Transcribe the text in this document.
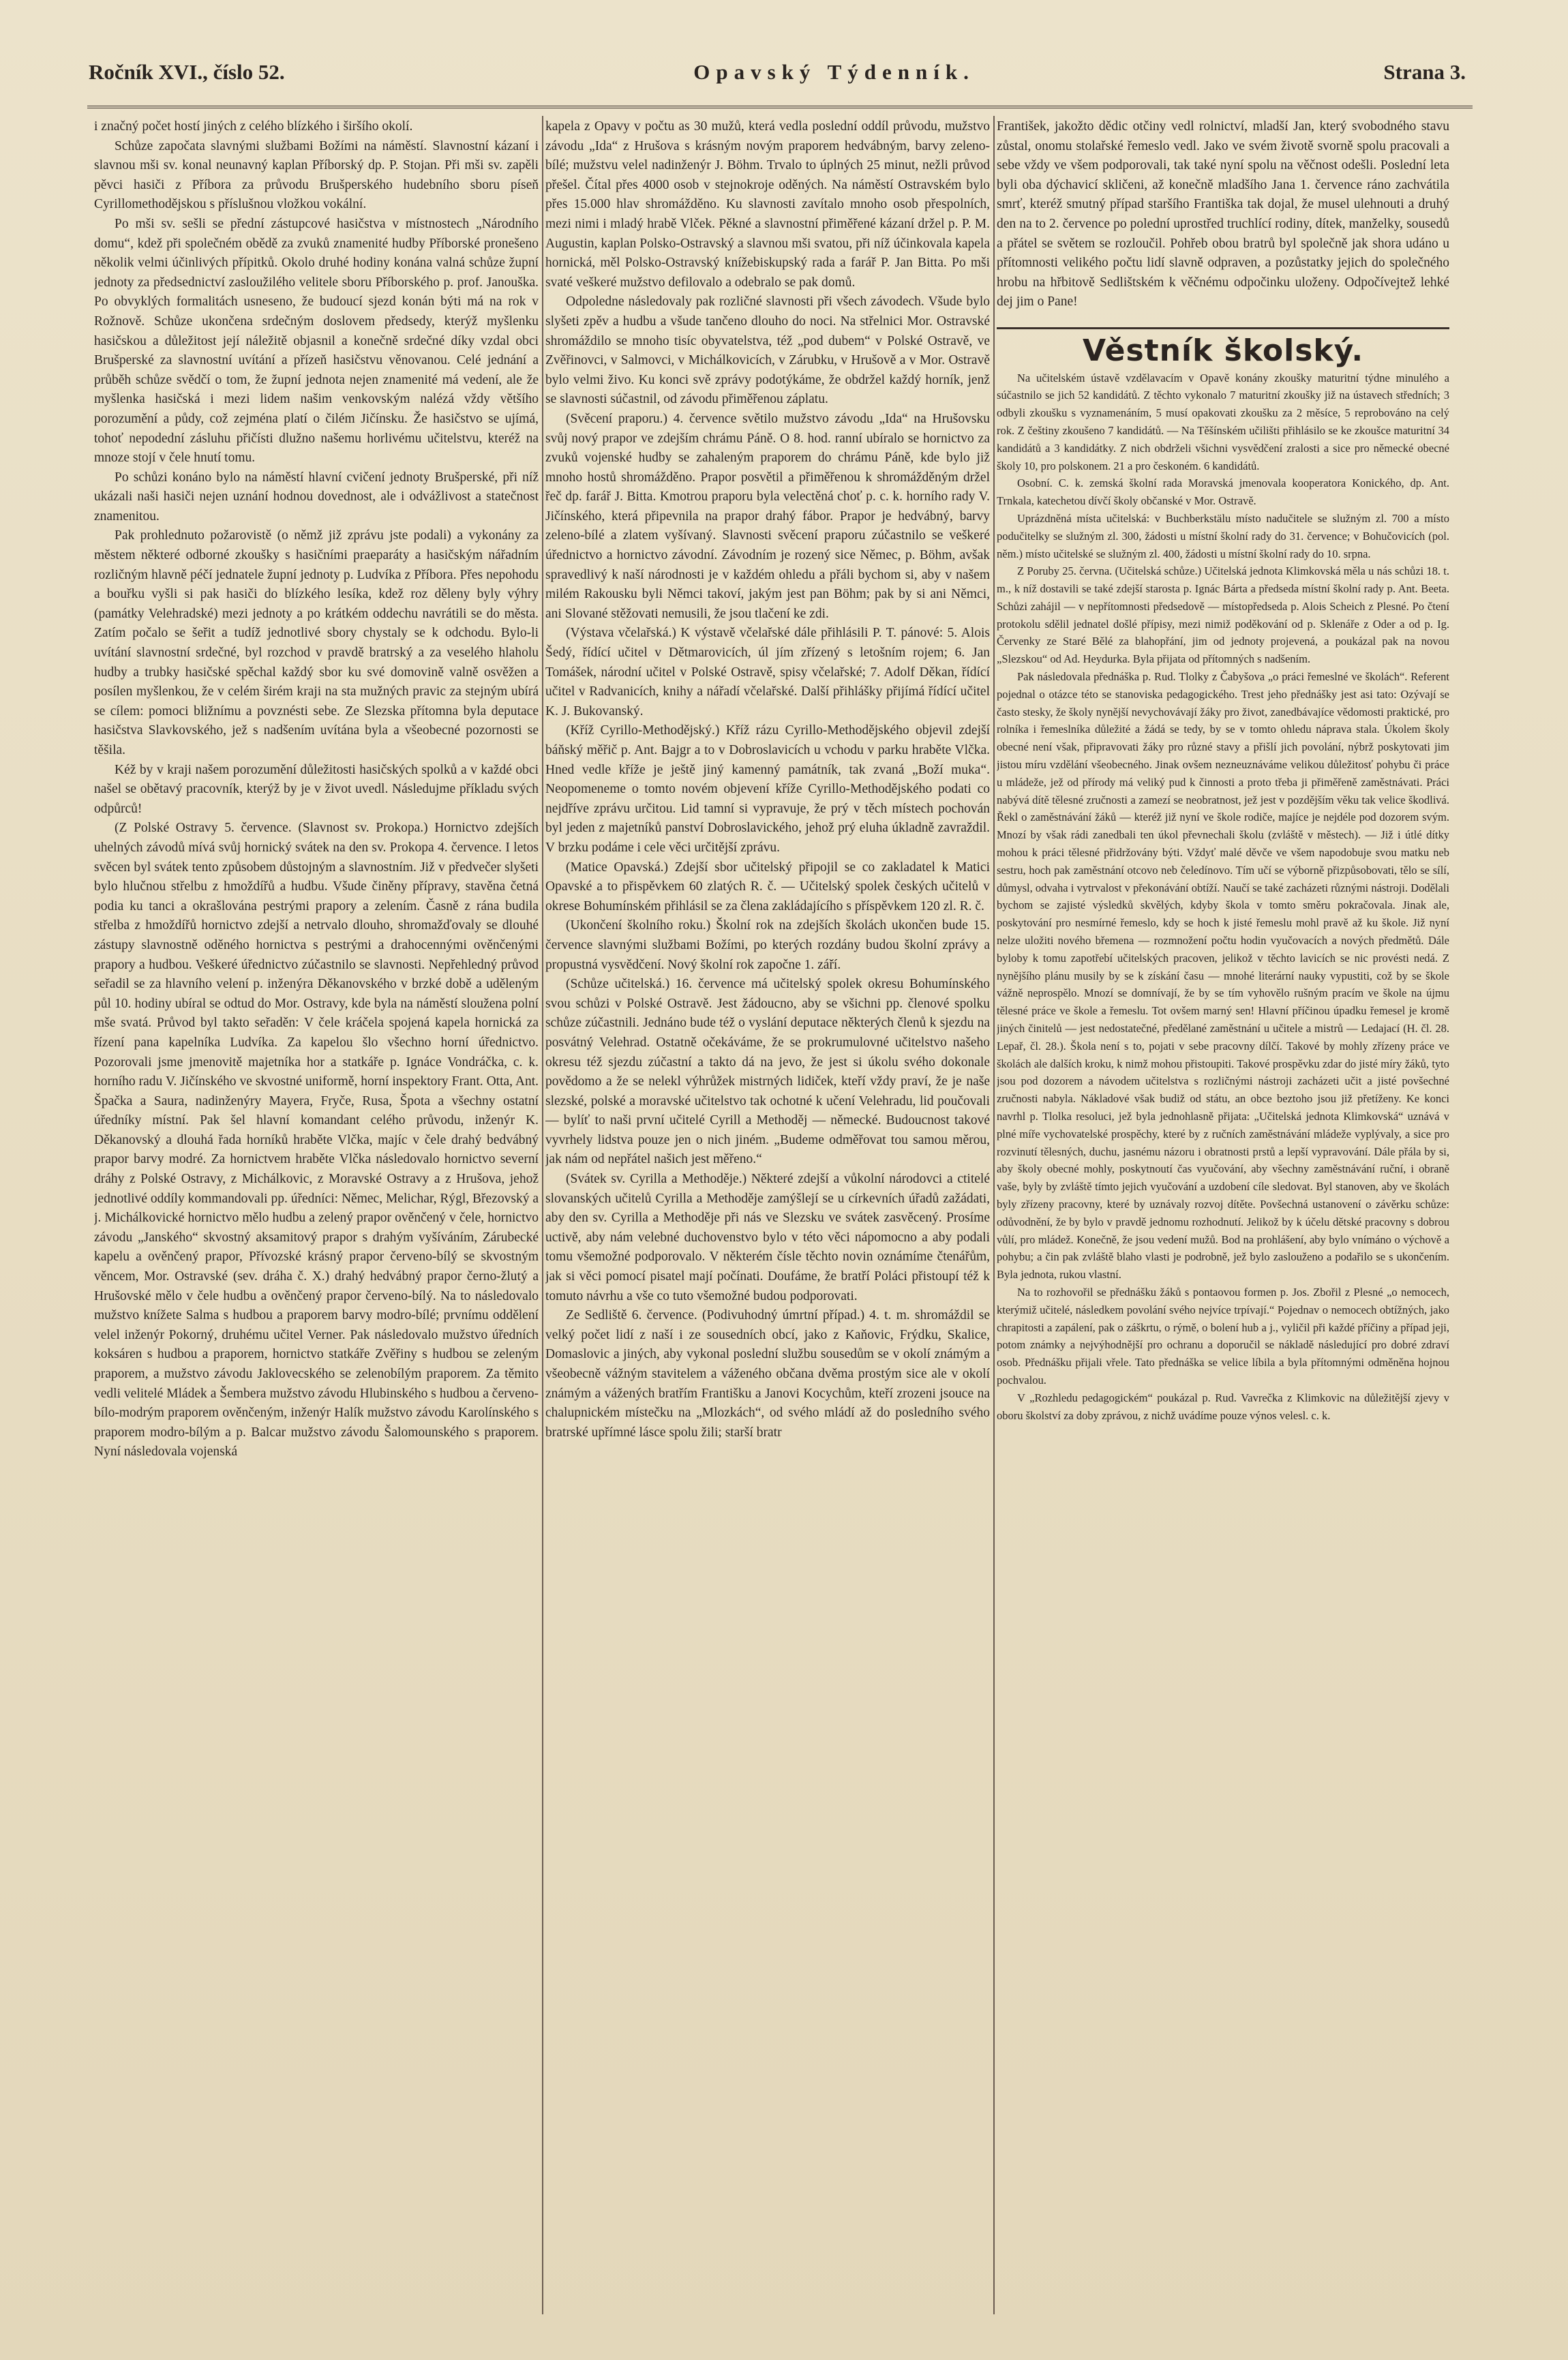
Ročník XVI., číslo 52.	Opavský Týdenník.	Strana 3.

i značný počet hostí jiných z celého blízkého i širšího okolí.

Schůze započata slavnými službami Božími na náměstí. Slavnostní kázaní i slavnou mši sv. konal neunavný kaplan Příborský dp. P. Stojan. Při mši sv. zapěli pěvci hasiči z Příbora za průvodu Brušperského hudebního sboru píseň Cyrillomethodějskou s příslušnou vložkou vokální.

Po mši sv. sešli se přední zástupcové hasičstva v místnostech „Národního domu“, kdež při společném obědě za zvuků znamenité hudby Příborské pronešeno několik velmi účinlivých přípitků. Okolo druhé hodiny konána valná schůze župní jednoty za předsednictví zasloužilého velitele sboru Příborského p. prof. Janouška. Po obvyklých formalitách usneseno, že budoucí sjezd konán býti má na rok v Rožnově. Schůze ukončena srdečným doslovem předsedy, kterýž myšlenku hasičskou a důležitost její náležitě objasnil a konečně srdečné díky vzdal obci Brušperské za slavnostní uvítání a přízeň hasičstvu věnovanou. Celé jednání a průběh schůze svědčí o tom, že župní jednota nejen znamenité má vedení, ale že myšlenka hasičská i mezi lidem našim venkovským nalézá vždy většího porozumění a půdy, což zejména platí o čilém Jičínsku. Že hasičstvo se ujímá, tohoť nepodední zásluhu přičísti dlužno našemu horlivému učitelstvu, kteréž na mnoze stojí v čele hnutí tomu.

Po schůzi konáno bylo na náměstí hlavní cvičení jednoty Brušperské, při níž ukázali naši hasiči nejen uznání hodnou dovednost, ale i odvážlivost a statečnost znamenitou.

Pak prohlednuto požarovistě (o němž již zprávu jste podali) a vykonány za městem některé odborné zkoušky s hasičními praeparáty a hasičským nářadním rozličným hlavně péčí jednatele župní jednoty p. Ludvíka z Příbora. Přes nepohodu a bouřku vyšli si pak hasiči do blízkého lesíka, kdež roz děleny byly výhry (památky Velehradské) mezi jednoty a po krátkém oddechu navrátili se do města. Zatím počalo se šeřit a tudíž jednotlivé sbory chystaly se k odchodu. Bylo-li uvítání slavnostní srdečné, byl rozchod v pravdě bratrský a za veselého hlaholu hudby a trubky hasičské spěchal každý sbor ku své domovině valně osvěžen a posílen myšlenkou, že v celém širém kraji na sta mužných pravic za stejným ubírá se cílem: pomoci bližnímu a povznésti sebe. Ze Slezska přítomna byla deputace hasičstva Slavkovského, jež s nadšením uvítána byla a všeobecné pozornosti se těšila.

Kéž by v kraji našem porozumění důležitosti hasičských spolků a v každé obci našel se obětavý pracovník, kterýž by je v život uvedl. Následujme příkladu svých odpůrců!

(Z Polské Ostravy 5. července. (Slavnost sv. Prokopa.) Hornictvo zdejších uhelných závodů mívá svůj hornický svátek na den sv. Prokopa 4. července. I letos svěcen byl svátek tento způsobem důstojným a slavnostním. Již v předvečer slyšeti bylo hlučnou střelbu z hmoždířů a hudbu. Všude činěny přípravy, stavěna četná podia ku tanci a okrašlována pestrými prapory a zelením. Časně z rána budila střelba z hmoždířů hornictvo zdejší a netrvalo dlouho, shromažďovaly se dlouhé zástupy slavnostně oděného hornictva s pestrými a drahocennými ověnčenými prapory a hudbou. Veškeré úřednictvo zúčastnilo se slavnosti. Nepřehledný průvod seřadil se za hlavního velení p. inženýra Děkanovského v brzké době a uděleným půl 10. hodiny ubíral se odtud do Mor. Ostravy, kde byla na náměstí sloužena polní mše svatá. Průvod byl takto seřaděn: V čele kráčela spojená kapela hornická za řízení pana kapelníka Ludvíka. Za kapelou šlo všechno horní úřednictvo. Pozorovali jsme jmenovitě majetníka hor a statkáře p. Ignáce Vondráčka, c. k. horního radu V. Jičínského ve skvostné uniformě, horní inspektory Frant. Otta, Ant. Špačka a Saura, nadinženýry Mayera, Fryče, Rusa, Špota a všechny ostatní úředníky místní. Pak šel hlavní komandant celého průvodu, inženýr K. Děkanovský a dlouhá řada horníků hraběte Vlčka, majíc v čele drahý bedvábný prapor barvy modré. Za hornictvem hraběte Vlčka následovalo hornictvo severní dráhy z Polské Ostravy, z Michálkovic, z Moravské Ostravy a z Hrušova, jehož jednotlivé oddíly kommandovali pp. úředníci: Němec, Melichar, Rýgl, Březovský a j. Michálkovické hornictvo mělo hudbu a zelený prapor ověnčený v čele, hornictvo závodu „Janského“ skvostný aksamitový prapor s drahým vyšíváním, Zárubecké kapelu a ověnčený prapor, Přívozské krásný prapor červeno-bílý se skvostným věncem, Mor. Ostravské (sev. dráha č. X.) drahý hedvábný prapor černo-žlutý a Hrušovské mělo v čele hudbu a ověnčený prapor červeno-bílý. Na to následovalo mužstvo knížete Salma s hudbou a praporem barvy modro-bílé; prvnímu oddělení velel inženýr Pokorný, druhému učitel Verner. Pak následovalo mužstvo úředních koksáren s hudbou a praporem, hornictvo statkáře Zvěřiny s hudbou se zeleným praporem, a mužstvo závodu Jaklovecského se zelenobílým praporem. Za těmito vedli velitelé Mládek a Šembera mužstvo závodu Hlubinského s hudbou a červeno-bílo-modrým praporem ověnčeným, inženýr Halík mužstvo závodu Karolínského s praporem modro-bílým a p. Balcar mužstvo závodu Šalomounského s praporem. Nyní následovala vojenská

kapela z Opavy v počtu as 30 mužů, která vedla poslední oddíl průvodu, mužstvo závodu „Ida“ z Hrušova s krásným novým praporem hedvábným, barvy zeleno-bílé; mužstvu velel nadinženýr J. Böhm. Trvalo to úplných 25 minut, nežli průvod přešel. Čítal přes 4000 osob v stejnokroje oděných. Na náměstí Ostravském bylo přes 15.000 hlav shromážděno. Ku slavnosti zavítalo mnoho osob přespolních, mezi nimi i mladý hrabě Vlček. Pěkné a slavnostní přiměřené kázaní držel p. P. M. Augustin, kaplan Polsko-Ostravský a slavnou mši svatou, při níž účinkovala kapela hornická, měl Polsko-Ostravský knížebiskupský rada a farář P. Jan Bitta. Po mši svaté veškeré mužstvo defilovalo a odebralo se pak domů.

Odpoledne následovaly pak rozličné slavnosti při všech závodech. Všude bylo slyšeti zpěv a hudbu a všude tančeno dlouho do noci. Na střelnici Mor. Ostravské shromáždilo se mnoho tisíc obyvatelstva, též „pod dubem“ v Polské Ostravě, ve Zvěřinovci, v Salmovci, v Michálkovicích, v Zárubku, v Hrušově a v Mor. Ostravě bylo velmi živo. Ku konci svě zprávy podotýkáme, že obdržel každý horník, jenž se slavnosti súčastnil, od závodu přiměřenou záplatu.

(Svěcení praporu.) 4. července světilo mužstvo závodu „Ida“ na Hrušovsku svůj nový prapor ve zdejším chrámu Páně. O 8. hod. ranní ubíralo se hornictvo za zvuků vojenské hudby se zahaleným praporem do chrámu Páně, kde bylo již mnoho hostů shromážděno. Prapor posvětil a přiměřenou k shromážděným držel řeč dp. farář J. Bitta. Kmotrou praporu byla velectěná choť p. c. k. horního rady V. Jičínského, která připevnila na prapor drahý fábor. Prapor je hedvábný, barvy zeleno-bílé a zlatem vyšívaný. Slavnosti svěcení praporu zúčastnilo se veškeré úřednictvo a hornictvo závodní. Závodním je rozený sice Němec, p. Böhm, avšak spravedlivý k naší národnosti je v každém ohledu a přáli bychom si, aby v našem milém Rakousku byli Němci takoví, jakým jest pan Böhm; pak by si ani Němci, ani Slované stěžovati nemusili, že jsou tlačení ke zdi.

(Výstava včelařská.) K výstavě včelařské dále přihlásili P. T. pánové: 5. Alois Šedý, řídící učitel v Dětmarovicích, úl jím zřízený s letošním rojem; 6. Jan Tomášek, národní učitel v Polské Ostravě, spisy včelařské; 7. Adolf Děkan, řídící učitel v Radvanicích, knihy a nářadí včelařské. Další přihlášky přijímá řídící učitel K. J. Bukovanský.

(Kříž Cyrillo-Methodějský.) Kříž rázu Cyrillo-Methodějského objevil zdejší báňský měřič p. Ant. Bajgr a to v Dobroslavicích u vchodu v parku hraběte Vlčka. Hned vedle kříže je ještě jiný kamenný památník, tak zvaná „Boží muka“. Neopomeneme o tomto novém objevení kříže Cyrillo-Methodějského podati co nejdříve zprávu určitou. Lid tamní si vypravuje, že prý v těch místech pochován byl jeden z majetníků panství Dobroslavického, jehož prý eluha úkladně zavraždil. V brzku podáme i cele věci určitější zprávu.

(Matice Opavská.) Zdejší sbor učitelský připojil se co zakladatel k Matici Opavské a to přispěvkem 60 zlatých R. č. — Učitelský spolek českých učitelů v okrese Bohumínském přihlásil se za člena zakládajícího s příspěvkem 120 zl. R. č.

(Ukončení školního roku.) Školní rok na zdejších školách ukončen bude 15. července slavnými službami Božími, po kterých rozdány budou školní zprávy a propustná vysvědčení. Nový školní rok započne 1. září.

(Schůze učitelská.) 16. července má učitelský spolek okresu Bohumínského svou schůzi v Polské Ostravě. Jest žádoucno, aby se všichni pp. členové spolku schůze zúčastnili. Jednáno bude též o vyslání deputace některých členů k sjezdu na posvátný Velehrad. Ostatně očekáváme, že se prokrumulovné učitelstvo našeho okresu též sjezdu zúčastní a takto dá na jevo, že jest si úkolu svého dokonale povědomo a že se nelekl výhrůžek mistrných lidiček, kteří vždy praví, že je naše slezské, polské a moravské učitelstvo tak ochotné k učení Velehradu, lid poučovali — bylíť to naši první učitelé Cyrill a Methoděj — německé. Budoucnost takové vyvrhely lidstva pouze jen o nich jiném. „Budeme odměřovat tou samou měrou, jak nám od nepřátel našich jest měřeno.“

(Svátek sv. Cyrilla a Methoděje.) Některé zdejší a vůkolní národovci a ctitelé slovanských učitelů Cyrilla a Methoděje zamýšlejí se u církevních úřadů zažádati, aby den sv. Cyrilla a Methoděje při nás ve Slezsku ve svátek zasvěcený. Prosíme uctivě, aby nám velebné duchovenstvo bylo v této věci nápomocno a aby podali tomu všemožné podporovalo. V některém čísle těchto novin oznámíme čtenářům, jak si věci pomocí pisatel mají počínati. Doufáme, že bratří Poláci přistoupí též k tomuto návrhu a vše co tuto všemožné budou podporovati.

Ze Sedliště 6. července. (Podivuhodný úmrtní případ.) 4. t. m. shromáždil se velký počet lidí z naší i ze sousedních obcí, jako z Kaňovic, Frýdku, Skalice, Domaslovic a jiných, aby vykonal poslední službu sousedům se v okolí známým a všeobecně vážným stavitelem a váženého občana dvěma prostým sice ale v okolí známým a vážených bratřím Františku a Janovi Kocychům, kteří zrozeni jsouce na chalupnickém místečku na „Mlozkách“, od svého mládí až do posledního svého bratrské upřímné lásce spolu žili; starší bratr

František, jakožto dědic otčiny vedl rolnictví, mladší Jan, který svobodného stavu zůstal, onomu stolařské řemeslo vedl. Jako ve svém životě svorně spolu pracovali a sebe vždy ve všem podporovali, tak také nyní spolu na věčnost odešli. Poslední leta byli oba dýchavicí skličeni, až konečně mladšího Jana 1. července ráno zachvátila smrť, kteréž smutný případ staršího Františka tak dojal, že musel ulehnouti a druhý den na to 2. července po polední uprostřed truchlící rodiny, dítek, manželky, sousedů a přátel se světem se rozloučil. Pohřeb obou bratrů byl společně jak shora udáno u přítomnosti velikého počtu lidí slavně odpraven, a pozůstatky jejich do společného hrobu na hřbitově Sedlištském k věčnému odpočinku uloženy. Odpočívejtež lehké dej jim o Pane!

Věstník školský.

Na učitelském ústavě vzdělavacím v Opavě konány zkoušky maturitní týdne minulého a súčastnilo se jich 52 kandidátů. Z těchto vykonalo 7 maturitní zkoušky již na ústavech středních; 3 odbyli zkoušku s vyznamenáním, 5 musí opakovati zkoušku za 2 měsíce, 5 reprobováno na celý rok. Z češtiny zkoušeno 7 kandidátů. — Na Těšínském učilišti přihlásilo se ke zkoušce maturitní 34 kandidátů a 3 kandidátky. Z nich obdrželi všichni vysvědčení zralosti a sice pro německé obecné školy 10, pro polskonem. 21 a pro českoném. 6 kandidátů.

Osobní. C. k. zemská školní rada Moravská jmenovala kooperatora Konického, dp. Ant. Trnkala, katechetou dívčí školy občanské v Mor. Ostravě.

Uprázdněná místa učitelská: v Buchberkstälu místo nadučitele se služným zl. 700 a místo podučitelky se služným zl. 300, žádosti u místní školní rady do 31. července; v Bohučovicích (pol. něm.) místo učitelské se služným zl. 400, žádosti u místní školní rady do 10. srpna.

Z Poruby 25. června. (Učitelská schůze.) Učitelská jednota Klimkovská měla u nás schůzi 18. t. m., k níž dostavili se také zdejší starosta p. Ignác Bárta a předseda místní školní rady p. Ant. Beeta. Schůzi zahájil — v nepřítomnosti předsedově — místopředseda p. Alois Scheich z Plesné. Po čtení protokolu sdělil jednatel došlé přípisy, mezi nimiž poděkování od p. Sklenáře z Oder a od p. Ig. Červenky ze Staré Bělé za blahopřání, jim od jednoty projevená, a poukázal pak na novou „Slezskou“ od Ad. Heydurka. Byla přijata od přítomných s nadšením.

Pak následovala přednáška p. Rud. Tlolky z Čabyšova „o práci řemeslné ve školách“. Referent pojednal o otázce této se stanoviska pedagogického. Trest jeho přednášky jest asi tato: Ozývají se často stesky, že školy nynější nevychovávají žáky pro život, zanedbávajíce vědomosti praktické, pro rolníka i řemeslníka důležité a žádá se tedy, by se v tomto ohledu náprava stala. Úkolem školy obecné není však, připravovati žáky pro různé stavy a přišlí jich povolání, nýbrž poskytovati jim jistou míru vzdělání všeobecného. Jinak ovšem nezneuznáváme velikou důležitosť pohybu či práce u mládeže, jež od přírody má veliký pud k činnosti a proto třeba ji přiměřeně zaměstnávati. Práci nabývá dítě tělesné zručnosti a zamezí se neobratnost, jež jest v pozdějším věku tak velice škodlivá. Řekl o zaměstnávání žáků — kteréž již nyní ve škole rodiče, majíce je nejdéle pod dozorem svým. Mnozí by však rádi zanedbali ten úkol převnechali školu (zvláště v městech). — Již i útlé dítky mohou k práci tělesné přidržovány býti. Vždyť malé děvče ve všem napodobuje svou matku neb sestru, hoch pak zaměstnání otcovo neb čeledínovo. Tím učí se výborně přizpůsobovati, tělo se sílí, důmysl, odvaha i vytrvalost v překonávání obtíží. Naučí se také zacházeti různými nástroji. Dodělali bychom se zajisté výsledků skvělých, kdyby škola v tomto směru pokračovala. Jinak ale, poskytování pro nesmírné řemeslo, kdy se hoch k jisté řemeslu mohl pravě až ku škole. Již nyní nelze uložiti nového břemena — rozmnožení počtu hodin vyučovacích a nových předmětů. Dále byloby k tomu zapotřebí učitelských pracoven, jelikož v těchto lavicích se nic provésti nedá. Z nynějšího plánu musily by se k získání času — mnohé literární nauky vypustiti, což by se škole vážně neprospělo. Mnozí se domnívají, že by se tím vyhovělo rušným pracím ve škole na újmu tělesné práce ve škole a řemeslu. Tot ovšem marný sen! Hlavní příčinou úpadku řemesel je kromě jiných činitelů — jest nedostatečné, předělané zaměstnání u učitele a mistrů — Ledajací (H. čl. 28. Lepař, čl. 28.). Škola není s to, pojati v sebe pracovny dílčí. Takové by mohly zřízeny práce ve školách ale dalších kroku, k nimž mohou přistoupiti. Takové prospěvku zdar do jisté míry žáků, tyto jsou pod dozorem a návodem učitelstva s rozličnými nástroji zacházeti učit a jisté povšechné zručnosti nabyla. Nákladové však budiž od státu, an obce beztoho jsou již přetíženy. Ke konci navrhl p. Tlolka resoluci, jež byla jednohlasně přijata: „Učitelská jednota Klimkovská“ uznává v plné míře vychovatelské prospěchy, které by z ručních zaměstnávání mládeže vyplývaly, a sice pro rozvinutí tělesných, duchu, jasnému názoru i obratnosti prstů a lepší vypravování. Dále přála by si, aby školy obecné mohly, poskytnoutí čas vyučování, aby všechny zaměstnávání ruční, i obraně vaše, byly by zvláště tímto jejich vyučování a uzdobení cíle sledovat. Byl stanoven, aby ve školách byly zřízeny pracovny, které by uznávaly rozvoj dítěte. Povšechná ustanovení o závěrku schůze: odůvodnění, že by bylo v pravdě jednomu rozhodnutí. Jelikož by k účelu dětské pracovny s dobrou vůlí, pro mládež. Konečně, že jsou vedení mužů. Bod na prohlášení, aby bylo vnímáno o výchově a pohybu; a čin pak zvláště blaho vlasti je podrobně, jež bylo zaslouženo a podařilo se s ukončením. Byla jednota, rukou vlastní.

Na to rozhovořil se přednášku žáků s pontaovou formen p. Jos. Zbořil z Plesné „o nemocech, kterýmiž učitelé, následkem povolání svého nejvíce trpívají.“ Pojednav o nemocech obtížných, jako chrapitosti a zapálení, pak o záškrtu, o rýmě, o bolení hub a j., vyličil při každé příčiny a případ jeji, potom známky a nejvýhodnější pro ochranu a doporučil se nákladě následující pro dobré zdraví osob. Přednášku přijali vřele. Tato přednáška se velice líbila a byla přítomnými odměněna hojnou pochvalou.

V „Rozhledu pedagogickém“ poukázal p. Rud. Vavrečka z Klimkovic na důležitější zjevy v oboru školství za doby zprávou, z nichž uvádíme pouze výnos velesl. c. k.
